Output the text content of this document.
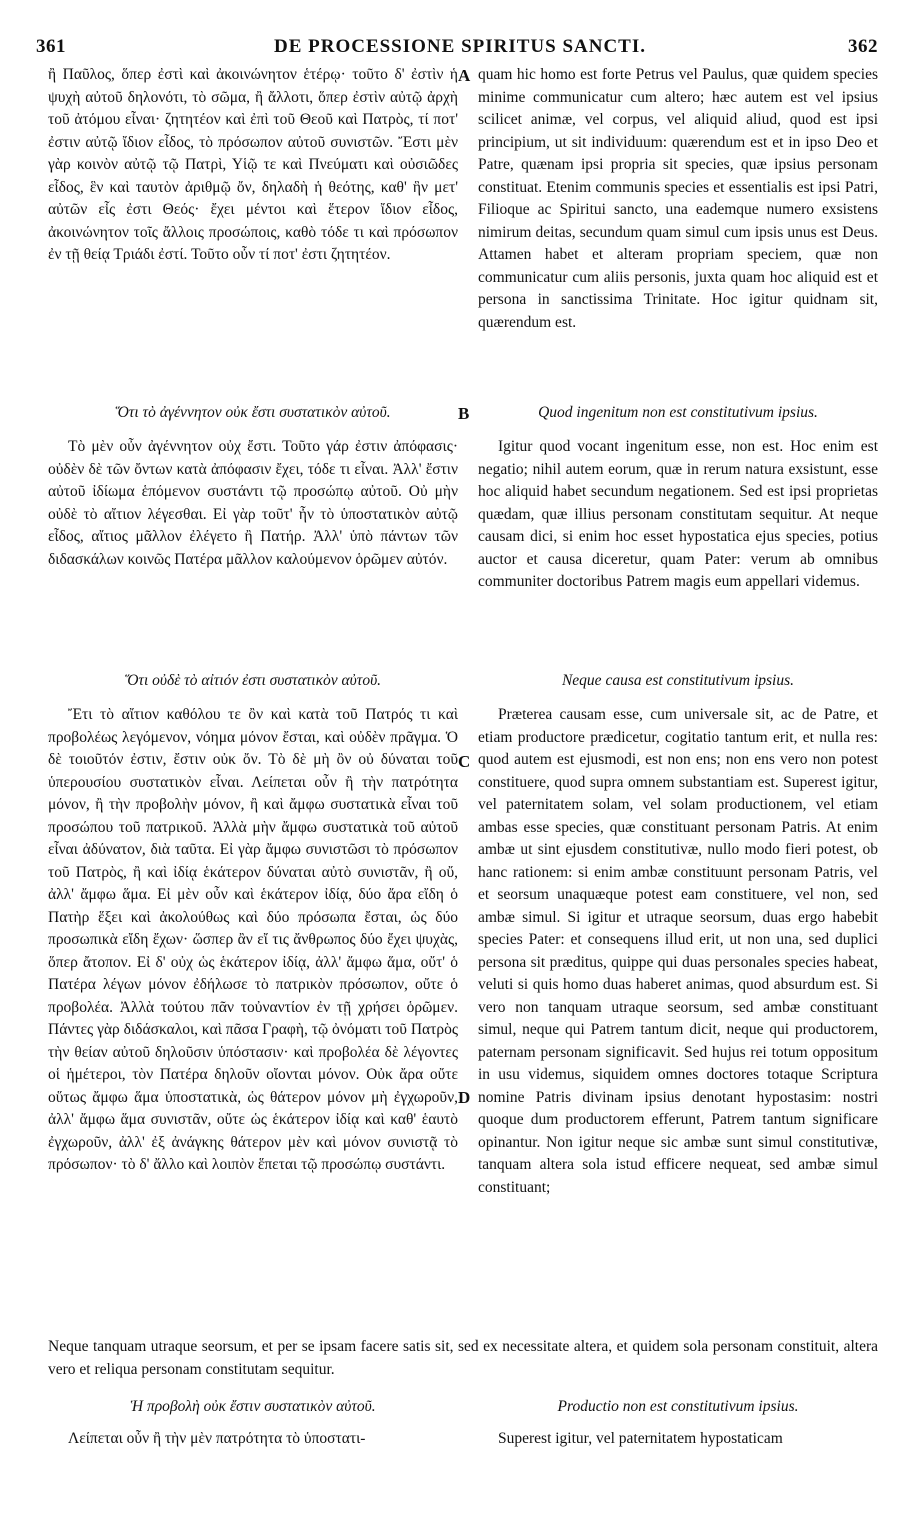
361	DE PROCESSIONE SPIRITUS SANCTI.	362

ἢ Παῦλος, ὅπερ ἐστὶ καὶ ἀκοινώνητον ἑτέρῳ· τοῦτο δ' ἐστὶν ἡ ψυχὴ αὐτοῦ δηλονότι, τὸ σῶμα, ἢ ἄλλοτι, ὅπερ ἐστὶν αὐτῷ ἀρχὴ τοῦ ἀτόμου εἶναι· ζητητέον καὶ ἐπὶ τοῦ Θεοῦ καὶ Πατρὸς, τί ποτ' ἐστιν αὐτῷ ἴδιον εἶδος, τὸ πρόσωπον αὐτοῦ συνιστῶν. Ἔστι μὲν γὰρ κοινὸν αὐτῷ τῷ Πατρὶ, Υἱῷ τε καὶ Πνεύματι καὶ οὐσιῶδες εἶδος, ἓν καὶ ταυτὸν ἀριθμῷ ὄν, δηλαδὴ ἡ θεότης, καθ' ἣν μετ' αὐτῶν εἷς ἐστι Θεός· ἔχει μέντοι καὶ ἕτερον ἴδιον εἶδος, ἀκοινώνητον τοῖς ἄλλοις προσώποις, καθὸ τόδε τι καὶ πρόσωπον ἐν τῇ θείᾳ Τριάδι ἐστί. Τοῦτο οὖν τί ποτ' ἐστι ζητητέον.

A quam hic homo est forte Petrus vel Paulus, quæ quidem species minime communicatur cum altero; hæc autem est vel ipsius scilicet animæ, vel corpus, vel aliquid aliud, quod est ipsi principium, ut sit individuum: quærendum est et in ipso Deo et Patre, quænam ipsi propria sit species, quæ ipsius personam constituat. Etenim communis species et essentialis est ipsi Patri, Filioque ac Spiritui sancto, una eademque numero exsistens nimirum deitas, secundum quam simul cum ipsis unus est Deus. Attamen habet et alteram propriam speciem, quæ non communicatur cum aliis personis, juxta quam hoc aliquid est et persona in sanctissima Trinitate. Hoc igitur quidnam sit, quærendum est.

Ὅτι τὸ ἀγέννητον οὐκ ἔστι συστατικὸν αὐτοῦ.	B	Quod ingenitum non est constitutivum ipsius.

Τὸ μὲν οὖν ἀγέννητον οὐχ ἔστι. Τοῦτο γάρ ἐστιν ἀπόφασις· οὐδὲν δὲ τῶν ὄντων κατὰ ἀπόφασιν ἔχει, τόδε τι εἶναι. Ἀλλ' ἔστιν αὐτοῦ ἰδίωμα ἑπόμενον συστάντι τῷ προσώπῳ αὐτοῦ. Οὐ μὴν οὐδὲ τὸ αἴτιον λέγεσθαι. Εἰ γὰρ τοῦτ' ἦν τὸ ὑποστατικὸν αὐτῷ εἶδος, αἴτιος μᾶλλον ἐλέγετο ἢ Πατήρ. Ἀλλ' ὑπὸ πάντων τῶν διδασκάλων κοινῶς Πατέρα μᾶλλον καλούμενον ὁρῶμεν αὐτόν.

Igitur quod vocant ingenitum esse, non est. Hoc enim est negatio; nihil autem eorum, quæ in rerum natura exsistunt, esse hoc aliquid habet secundum negationem. Sed est ipsi proprietas quædam, quæ illius personam constitutam sequitur. At neque causam dici, si enim hoc esset hypostatica ejus species, potius auctor et causa diceretur, quam Pater: verum ab omnibus communiter doctoribus Patrem magis eum appellari videmus.

Ὅτι οὐδὲ τὸ αἰτιόν ἐστι συστατικὸν αὐτοῦ.	Neque causa est constitutivum ipsius.
C
D

Ἔτι τὸ αἴτιον καθόλου τε ὂν καὶ κατὰ τοῦ Πατρός τι καὶ προβολέως λεγόμενον, νόημα μόνον ἔσται, καὶ οὐδὲν πρᾶγμα. Ὁ δὲ τοιοῦτόν ἐστιν, ἔστιν οὐκ ὄν. Τὸ δὲ μὴ ὂν οὐ δύναται τοῦ ὑπερουσίου συστατικὸν εἶναι. Λείπεται οὖν ἢ τὴν πατρότητα μόνον, ἢ τὴν προβολὴν μόνον, ἢ καὶ ἄμφω συστατικὰ εἶναι τοῦ προσώπου τοῦ πατρικοῦ. Ἀλλὰ μὴν ἄμφω συστατικὰ τοῦ αὐτοῦ εἶναι ἀδύνατον, διὰ ταῦτα. Εἰ γὰρ ἄμφω συνιστῶσι τὸ πρόσωπον τοῦ Πατρὸς, ἢ καὶ ἰδίᾳ ἑκάτερον δύναται αὐτὸ συνιστᾶν, ἢ οὔ, ἀλλ' ἄμφω ἅμα. Εἰ μὲν οὖν καὶ ἑκάτερον ἰδίᾳ, δύο ἄρα εἴδη ὁ Πατὴρ ἕξει καὶ ἀκολούθως καὶ δύο πρόσωπα ἔσται, ὡς δύο προσωπικὰ εἴδη ἔχων· ὥσπερ ἂν εἴ τις ἄνθρωπος δύο ἔχει ψυχὰς, ὅπερ ἄτοπον. Εἰ δ' οὐχ ὡς ἑκάτερον ἰδίᾳ, ἀλλ' ἄμφω ἅμα, οὔτ' ὁ Πατέρα λέγων μόνον ἐδήλωσε τὸ πατρικὸν πρόσωπον, οὔτε ὁ προβολέα. Ἀλλὰ τούτου πᾶν τοὐναντίον ἐν τῇ χρήσει ὁρῶμεν. Πάντες γὰρ διδάσκαλοι, καὶ πᾶσα Γραφὴ, τῷ ὀνόματι τοῦ Πατρὸς τὴν θείαν αὐτοῦ δηλοῦσιν ὑπόστασιν· καὶ προβολέα δὲ λέγοντες οἱ ἡμέτεροι, τὸν Πατέρα δηλοῦν οἴονται μόνον. Οὐκ ἄρα οὔτε οὕτως ἄμφω ἅμα ὑποστατικὰ, ὡς θάτερον μόνον μὴ ἐγχωροῦν, ἀλλ' ἄμφω ἅμα συνιστᾶν, οὔτε ὡς ἑκάτερον ἰδίᾳ καὶ καθ' ἑαυτὸ ἐγχωροῦν, ἀλλ' ἐξ ἀνάγκης θάτερον μὲν καὶ μόνον συνιστᾷ τὸ πρόσωπον· τὸ δ' ἄλλο καὶ λοιπὸν ἕπεται τῷ προσώπῳ συστάντι.

Præterea causam esse, cum universale sit, ac de Patre, et etiam productore prædicetur, cogitatio tantum erit, et nulla res: quod autem est ejusmodi, est non ens; non ens vero non potest constituere, quod supra omnem substantiam est. Superest igitur, vel paternitatem solam, vel solam productionem, vel etiam ambas esse species, quæ constituant personam Patris. At enim ambæ ut sint ejusdem constitutivæ, nullo modo fieri potest, ob hanc rationem: si enim ambæ constituunt personam Patris, vel et seorsum unaquæque potest eam constituere, vel non, sed ambæ simul. Si igitur et utraque seorsum, duas ergo habebit species Pater: et consequens illud erit, ut non una, sed duplici persona sit præditus, quippe qui duas personales species habeat, veluti si quis homo duas haberet animas, quod absurdum est. Si vero non tanquam utraque seorsum, sed ambæ constituant simul, neque qui Patrem tantum dicit, neque qui productorem, paternam personam significavit. Sed hujus rei totum oppositum in usu videmus, siquidem omnes doctores totaque Scriptura nomine Patris divinam ipsius denotant hypostasim: nostri quoque dum productorem efferunt, Patrem tantum significare opinantur. Non igitur neque sic ambæ sunt simul constitutivæ, tanquam altera sola istud efficere nequeat, sed ambæ simul constituant;

Neque tanquam utraque seorsum, et per se ipsam facere satis sit, sed ex necessitate altera, et quidem sola personam constituit, altera vero et reliqua personam constitutam sequitur.

Ἡ προβολὴ οὐκ ἔστιν συστατικὸν αὐτοῦ.	Productio non est constitutivum ipsius.

Λείπεται οὖν ἢ τὴν μὲν πατρότητα τὸ ὑποστατι-	Superest igitur, vel paternitatem hypostaticam
